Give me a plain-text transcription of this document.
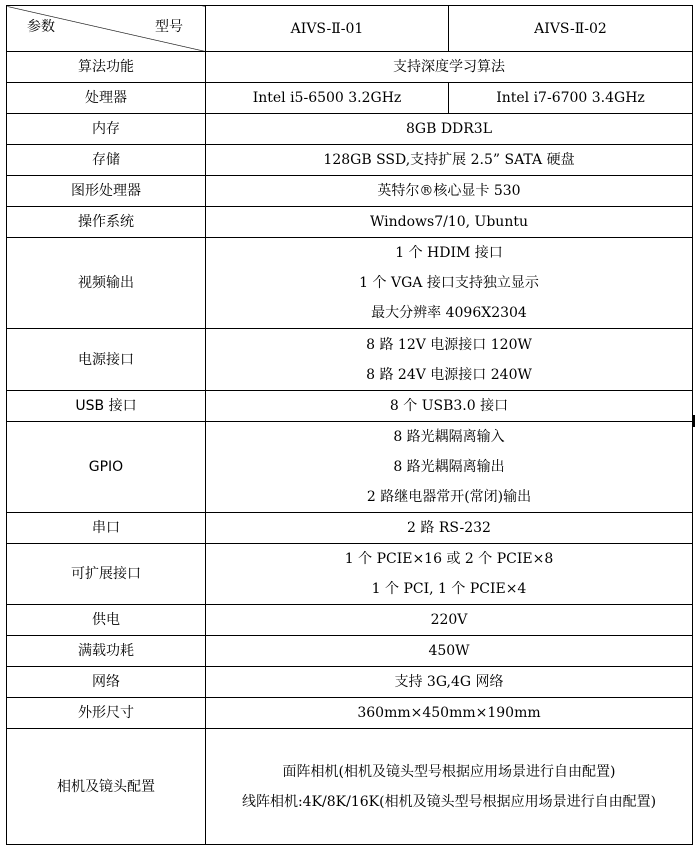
参数 型号	AIVS-Ⅱ-01	AIVS-Ⅱ-02
算法功能	支持深度学习算法	
处理器	Intel i5-6500 3.2GHz	Intel i7-6700 3.4GHz
内存	8GB DDR3L	
存储	128GB SSD,支持扩展 2.5” SATA 硬盘	
图形处理器	英特尔®核心显卡 530	
操作系统	Windows7/10, Ubuntu	
视频输出	1 个 HDIM 接口
1 个 VGA 接口支持独立显示
最大分辨率 4096X2304	

电源接口	8 路 12V 电源接口 120W
8 路 24V 电源接口 240W	

USB 接口	8 个 USB3.0 接口	
GPIO	8 路光耦隔离输入
8 路光耦隔离输出
2 路继电器常开(常闭)输出	

串口	2 路 RS-232	
可扩展接口	1 个 PCIE×16 或 2 个 PCIE×8
1 个 PCI, 1 个 PCIE×4	

供电	220V	
满载功耗	450W	
网络	支持 3G,4G 网络	
外形尺寸	360mm×450mm×190mm	
相机及镜头配置	面阵相机(相机及镜头型号根据应用场景进行自由配置)
线阵相机:4K/8K/16K(相机及镜头型号根据应用场景进行自由配置)	
